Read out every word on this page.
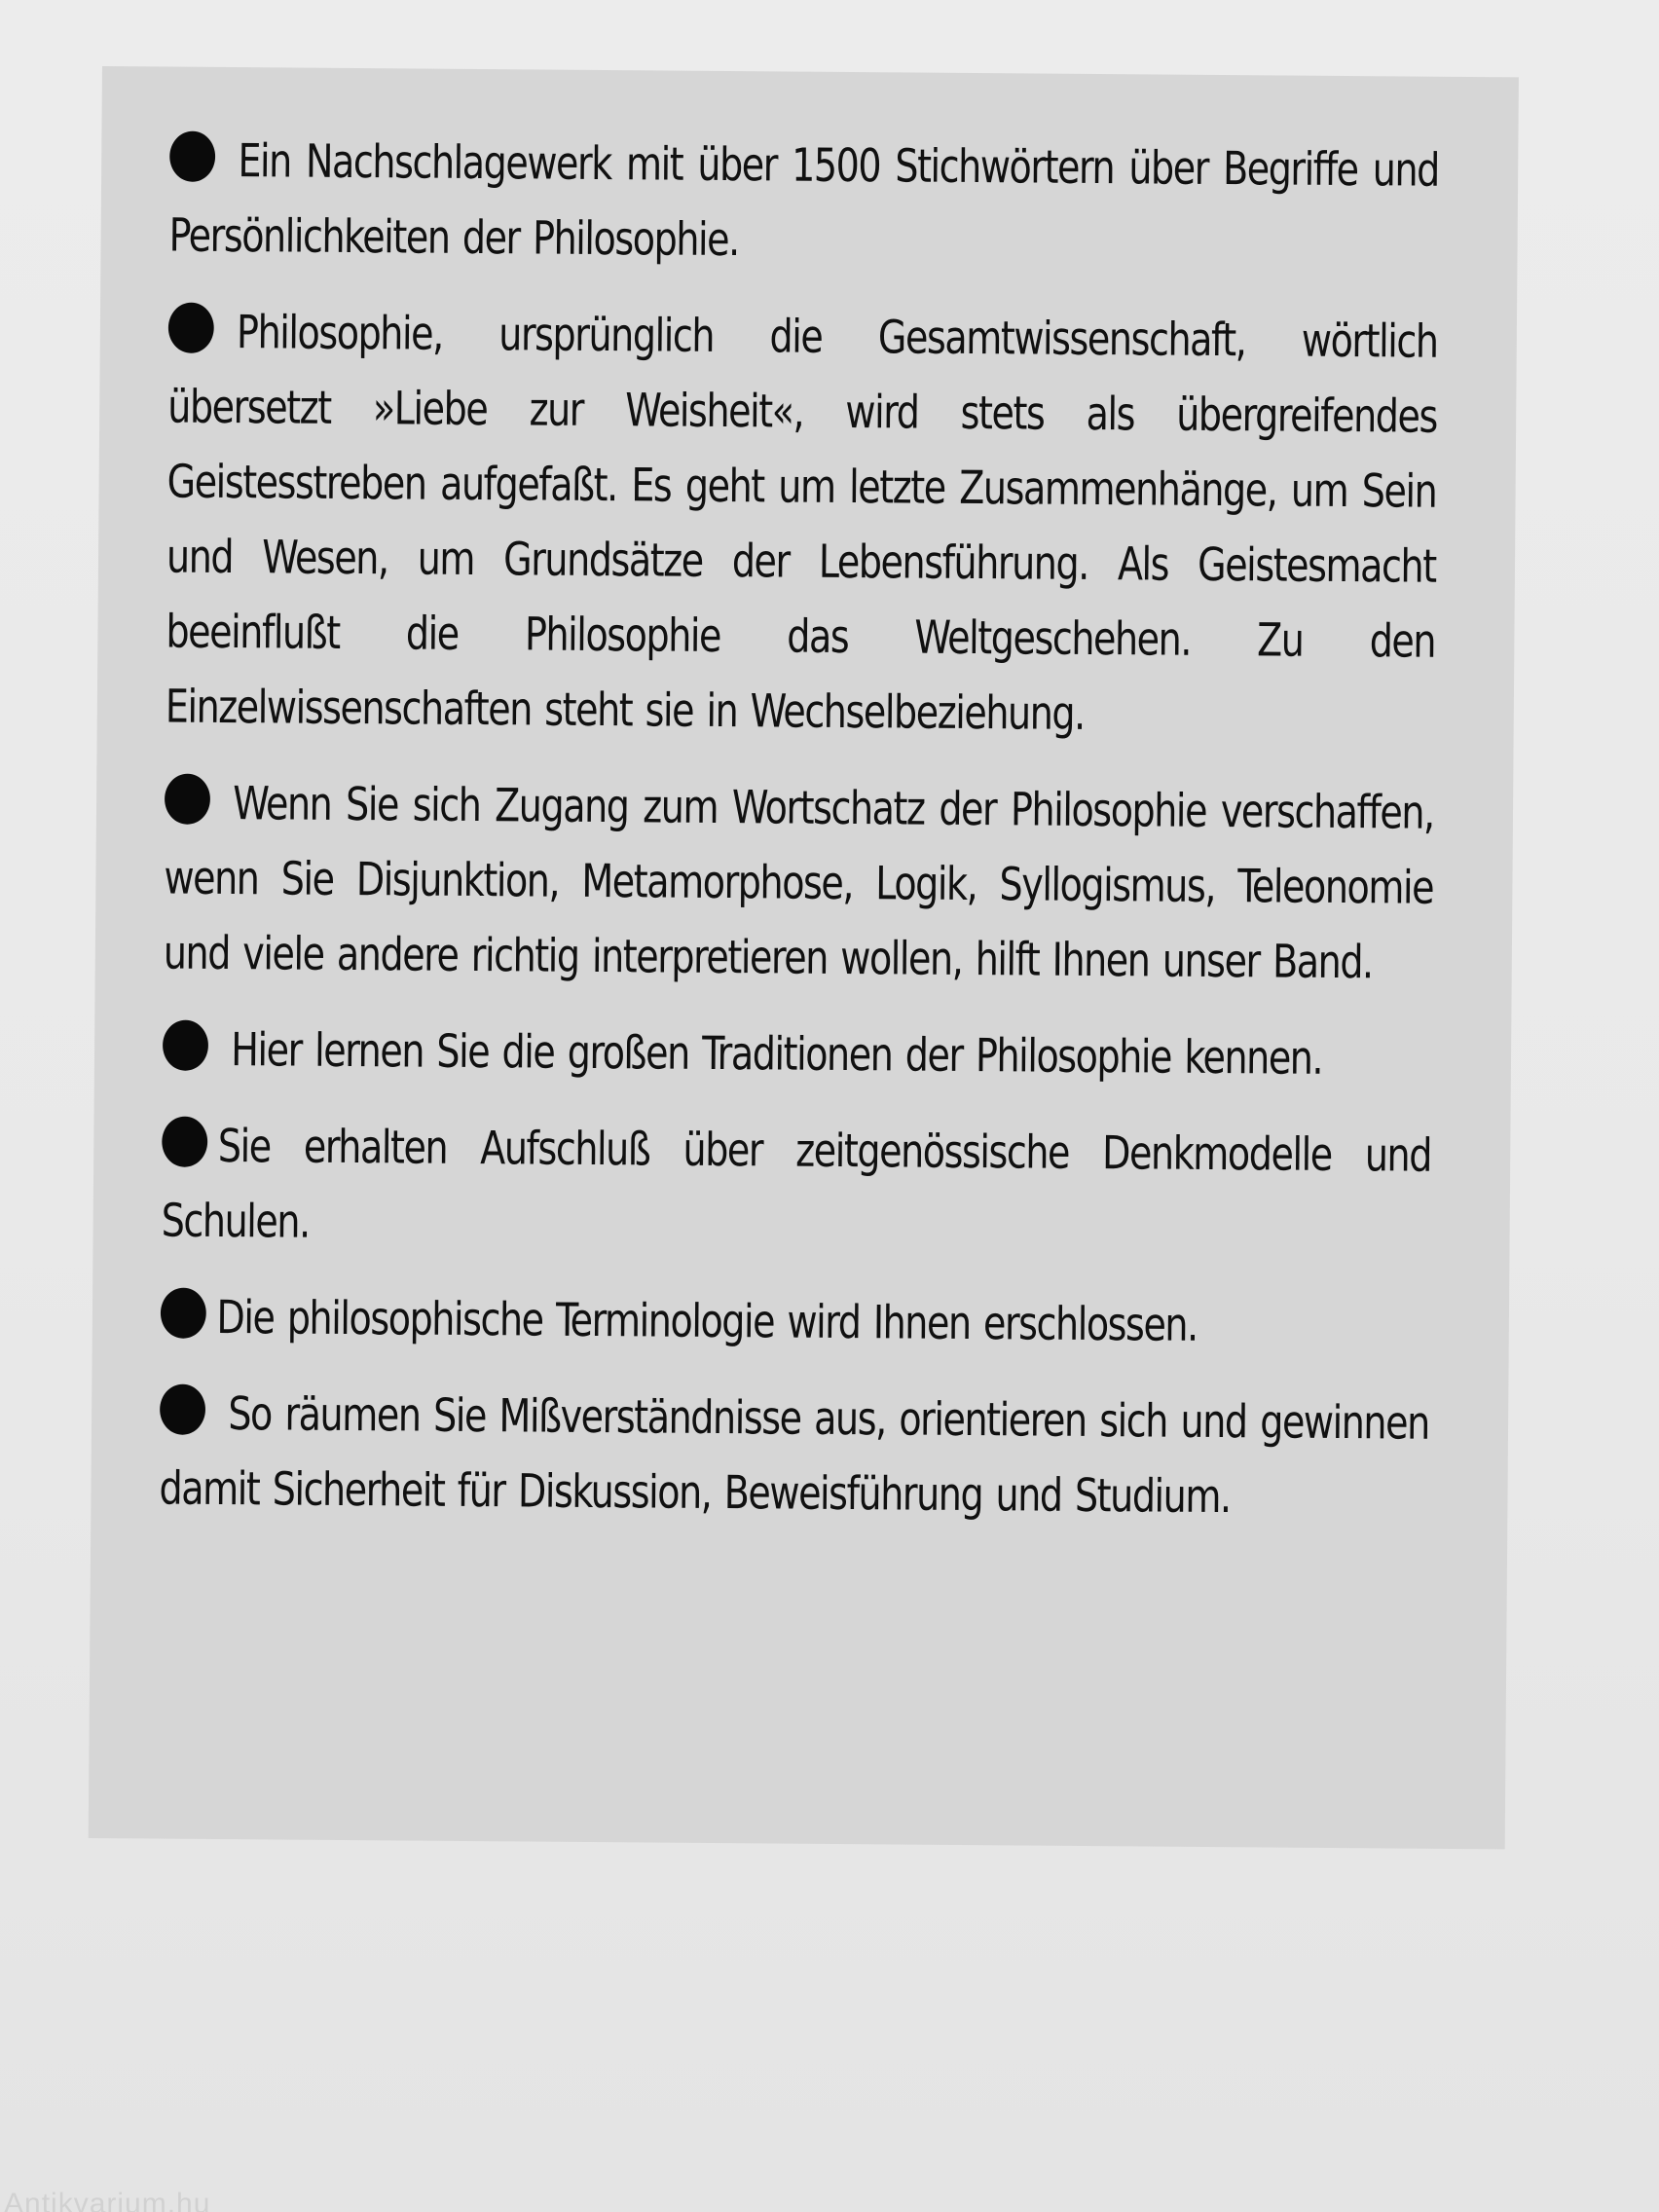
Ein Nachschlagewerk mit über 1500 Stichwörtern über Begriffe und Persönlichkeiten der Philosophie.

Philosophie, ursprünglich die Gesamtwissenschaft, wörtlich übersetzt »Liebe zur Weisheit«, wird stets als übergreifendes Geistesstreben aufgefaßt. Es geht um letzte Zusammenhänge, um Sein und Wesen, um Grundsätze der Lebensführung. Als Geistesmacht beeinflußt die Philosophie das Weltgeschehen. Zu den Einzelwissenschaften steht sie in Wechselbeziehung.

Wenn Sie sich Zugang zum Wortschatz der Philosophie verschaffen, wenn Sie Disjunktion, Metamorphose, Logik, Syllogismus, Teleonomie und viele andere richtig interpretieren wollen, hilft Ihnen unser Band.

Hier lernen Sie die großen Traditionen der Philosophie kennen.

Sie erhalten Aufschluß über zeitgenössische Denkmodelle und Schulen.

Die philosophische Terminologie wird Ihnen erschlossen.

So räumen Sie Mißverständnisse aus, orientieren sich und gewinnen damit Sicherheit für Diskussion, Beweisführung und Studium.

Antikvarium.hu
